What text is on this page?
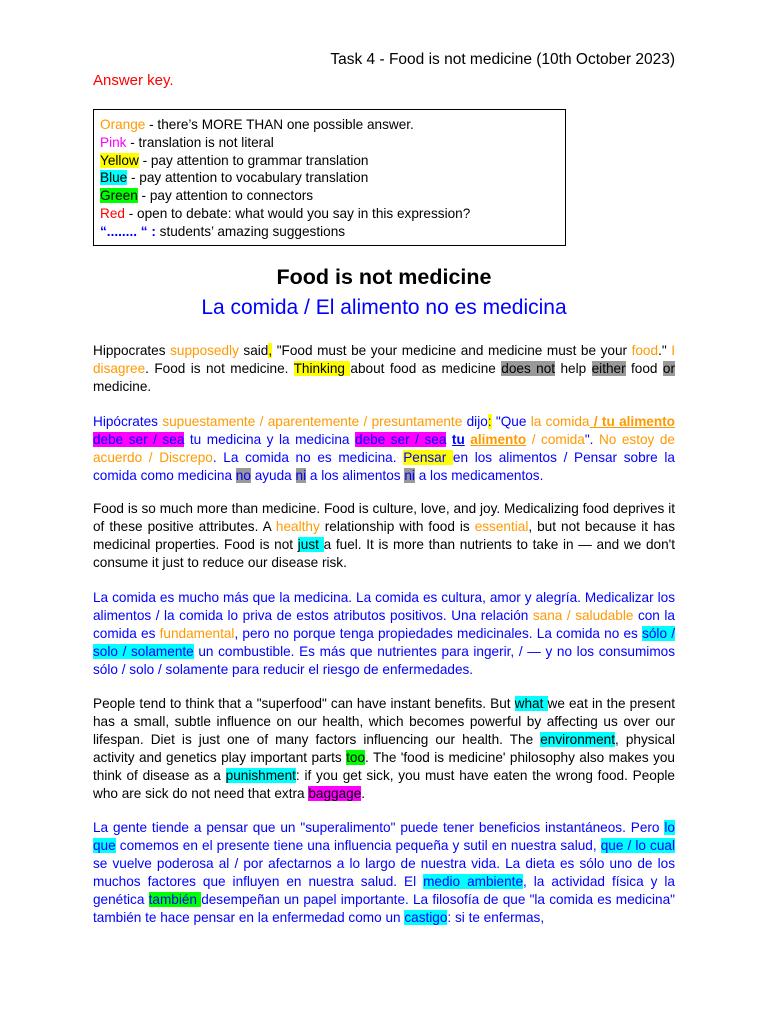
Task 4 - Food is not medicine (10th October 2023)
Answer key.
Orange - there’s MORE THAN one possible answer.
Pink - translation is not literal
Yellow - pay attention to grammar translation
Blue - pay attention to vocabulary translation
Green - pay attention to connectors
Red - open to debate: what would you say in this expression?
“........ “ : students’ amazing suggestions
Food is not medicine
La comida / El alimento no es medicina

Hippocrates supposedly said, "Food must be your medicine and medicine must be your food." I disagree. Food is not medicine. Thinking about food as medicine does not help either food or medicine.

Hipócrates supuestamente / aparentemente / presuntamente dijo: "Que la comida / tu alimento debe ser / sea tu medicina y la medicina debe ser / sea tu alimento / comida". No estoy de acuerdo / Discrepo. La comida no es medicina. Pensar en los alimentos / Pensar sobre la comida como medicina no ayuda ni a los alimentos ni a los medicamentos.

Food is so much more than medicine. Food is culture, love, and joy. Medicalizing food deprives it of these positive attributes. A healthy relationship with food is essential, but not because it has medicinal properties. Food is not just a fuel. It is more than nutrients to take in — and we don't consume it just to reduce our disease risk.

La comida es mucho más que la medicina. La comida es cultura, amor y alegría. Medicalizar los alimentos / la comida lo priva de estos atributos positivos. Una relación sana / saludable con la comida es fundamental, pero no porque tenga propiedades medicinales. La comida no es sólo / solo / solamente un combustible. Es más que nutrientes para ingerir, / — y no los consumimos sólo / solo / solamente para reducir el riesgo de enfermedades.

People tend to think that a "superfood" can have instant benefits. But what we eat in the present has a small, subtle influence on our health, which becomes powerful by affecting us over our lifespan. Diet is just one of many factors influencing our health. The environment, physical activity and genetics play important parts too. The 'food is medicine' philosophy also makes you think of disease as a punishment: if you get sick, you must have eaten the wrong food. People who are sick do not need that extra baggage.

La gente tiende a pensar que un "superalimento" puede tener beneficios instantáneos. Pero lo que comemos en el presente tiene una influencia pequeña y sutil en nuestra salud, que / lo cual se vuelve poderosa al / por afectarnos a lo largo de nuestra vida. La dieta es sólo uno de los muchos factores que influyen en nuestra salud. El medio ambiente, la actividad física y la genética también desempeñan un papel importante. La filosofía de que "la comida es medicina" también te hace pensar en la enfermedad como un castigo: si te enfermas,
